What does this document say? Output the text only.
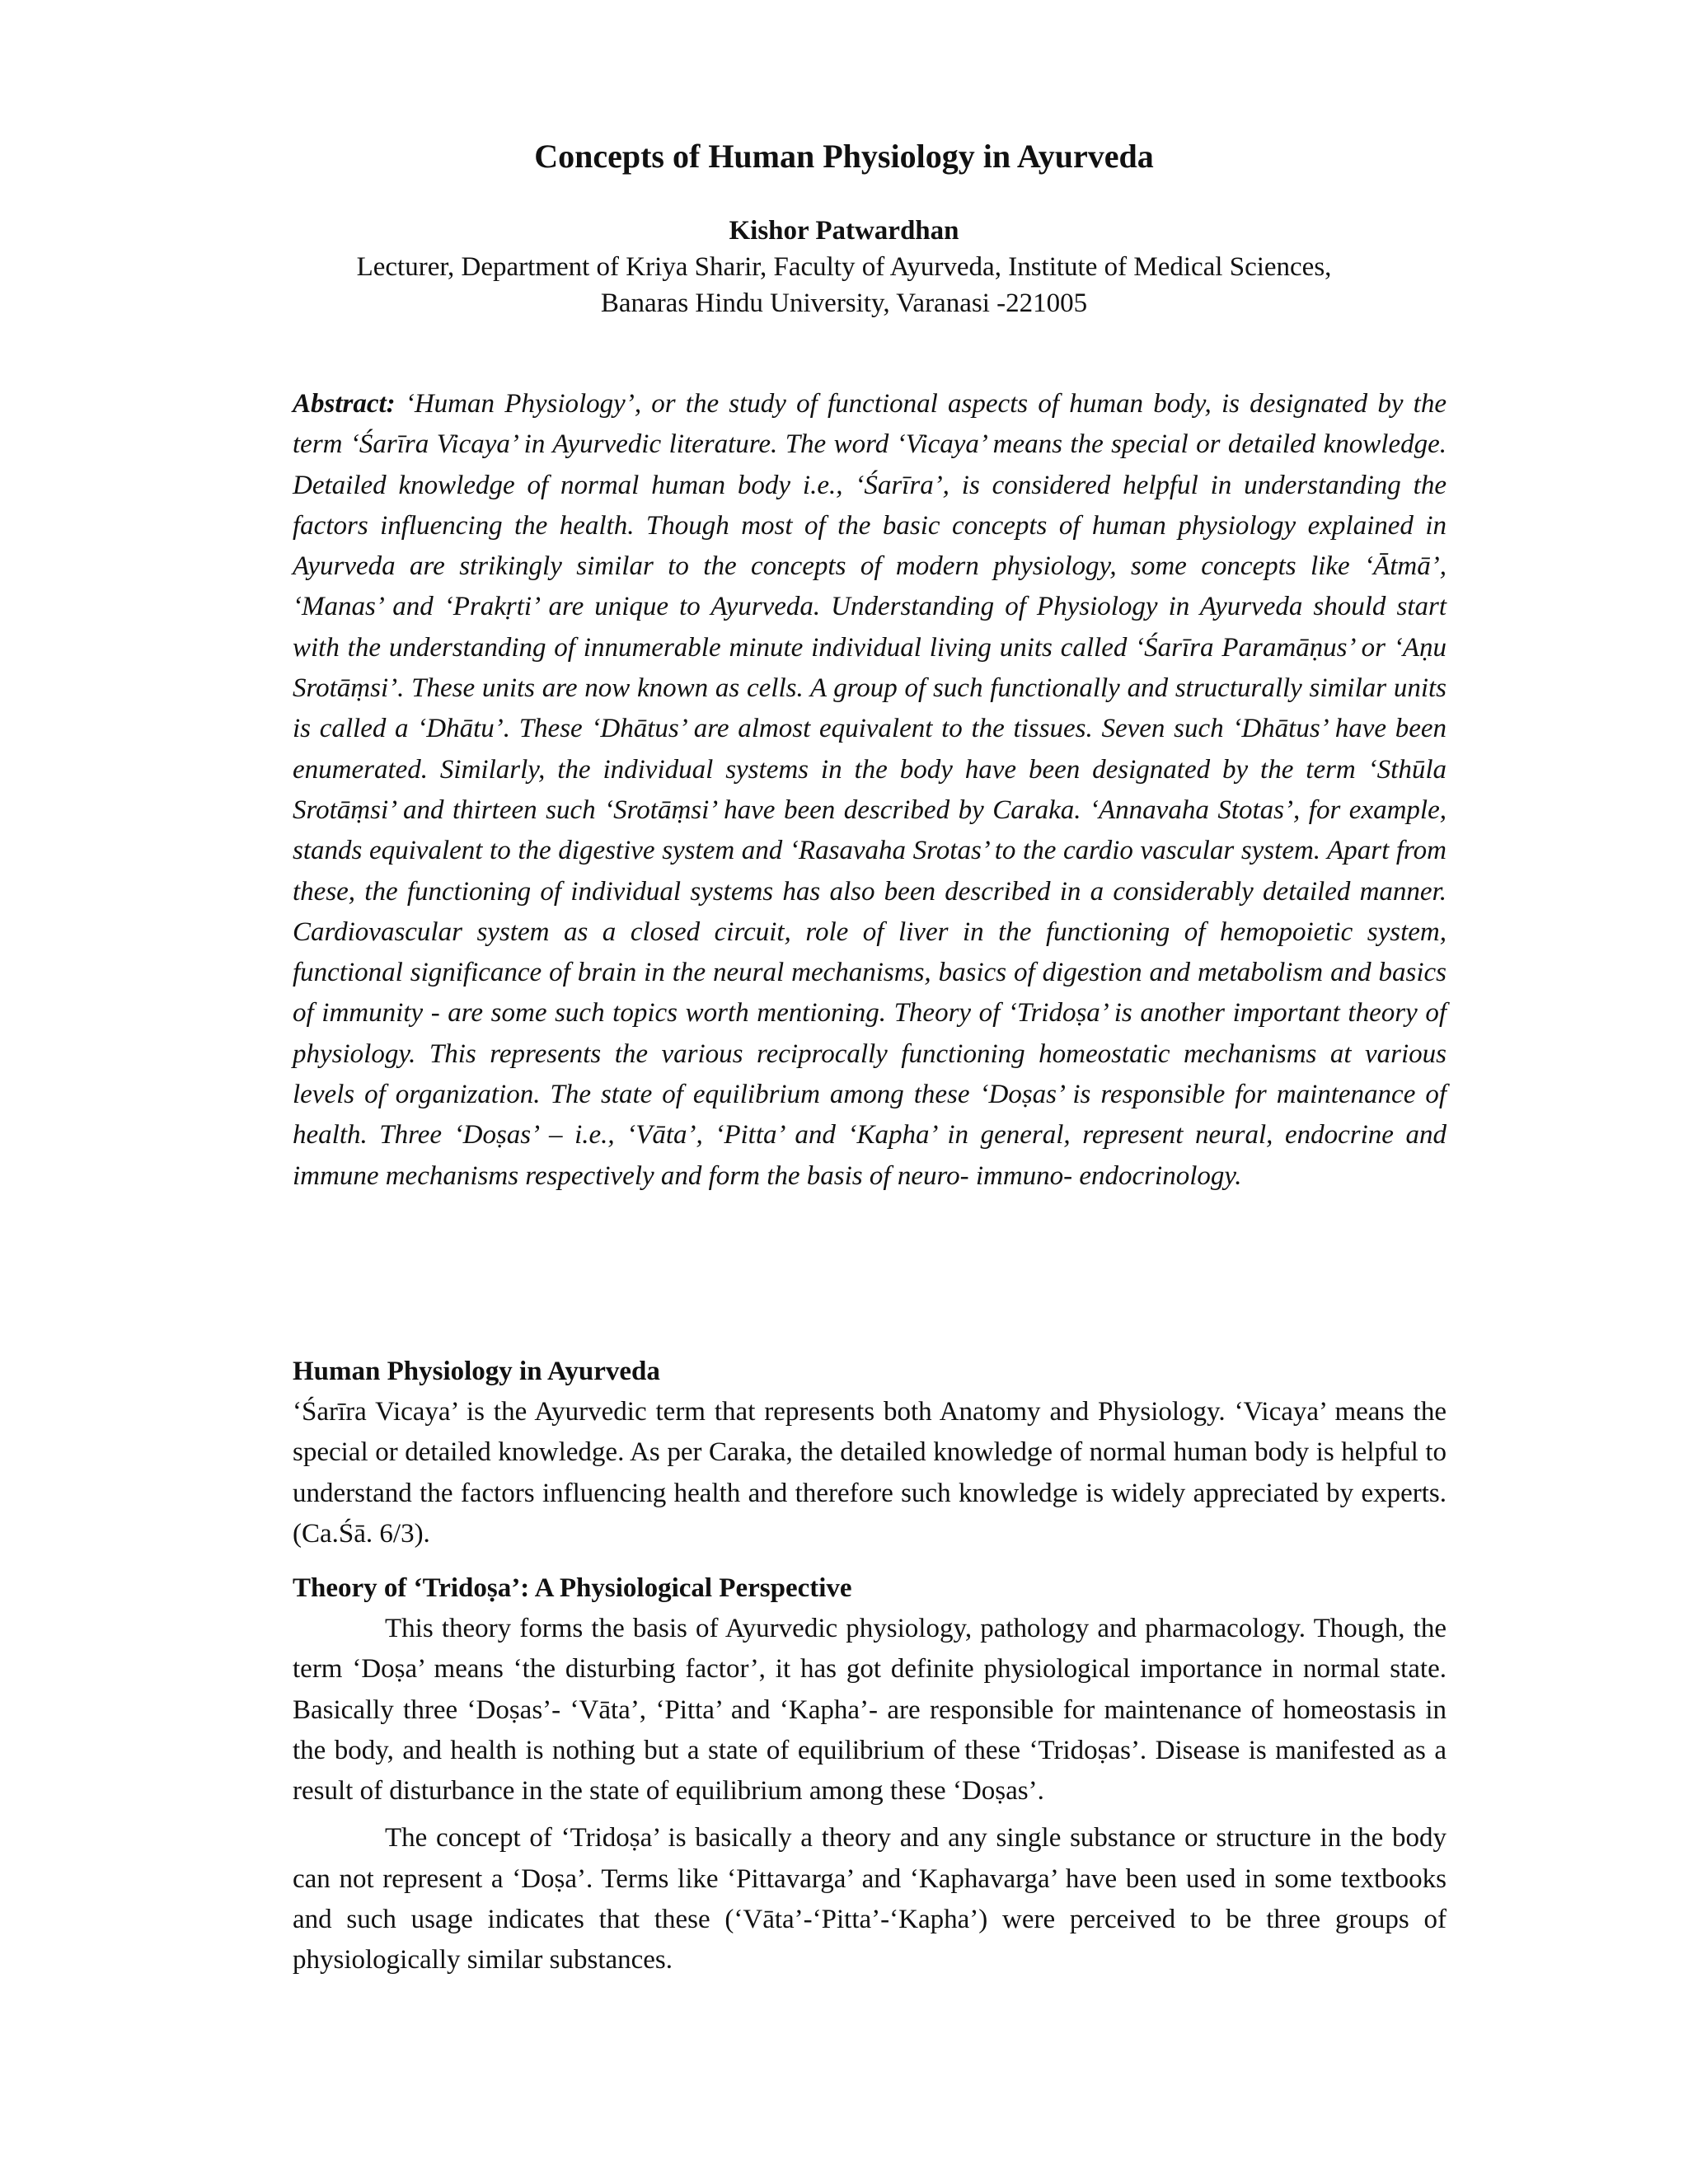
Concepts of Human Physiology in Ayurveda
Kishor Patwardhan
Lecturer, Department of Kriya Sharir, Faculty of Ayurveda, Institute of Medical Sciences,
Banaras Hindu University, Varanasi -221005

Abstract: ‘Human Physiology’, or the study of functional aspects of human body, is designated by the term ‘Śarīra Vicaya’ in Ayurvedic literature. The word ‘Vicaya’ means the special or detailed knowledge. Detailed knowledge of normal human body i.e., ‘Śarīra’, is considered helpful in understanding the factors influencing the health. Though most of the basic concepts of human physiology explained in Ayurveda are strikingly similar to the concepts of modern physiology, some concepts like ‘Ātmā’, ‘Manas’ and ‘Prakṛti’ are unique to Ayurveda. Understanding of Physiology in Ayurveda should start with the understanding of innumerable minute individual living units called ‘Śarīra Paramāṇus’ or ‘Aṇu Srotāṃsi’. These units are now known as cells. A group of such functionally and structurally similar units is called a ‘Dhātu’. These ‘Dhātus’ are almost equivalent to the tissues. Seven such ‘Dhātus’ have been enumerated. Similarly, the individual systems in the body have been designated by the term ‘Sthūla Srotāṃsi’ and thirteen such ‘Srotāṃsi’ have been described by Caraka. ‘Annavaha Stotas’, for example, stands equivalent to the digestive system and ‘Rasavaha Srotas’ to the cardio vascular system. Apart from these, the functioning of individual systems has also been described in a considerably detailed manner. Cardiovascular system as a closed circuit, role of liver in the functioning of hemopoietic system, functional significance of brain in the neural mechanisms, basics of digestion and metabolism and basics of immunity - are some such topics worth mentioning. Theory of ‘Tridoṣa’ is another important theory of physiology. This represents the various reciprocally functioning homeostatic mechanisms at various levels of organization. The state of equilibrium among these ‘Doṣas’ is responsible for maintenance of health. Three ‘Doṣas’ – i.e., ‘Vāta’, ‘Pitta’ and ‘Kapha’ in general, represent neural, endocrine and immune mechanisms respectively and form the basis of neuro- immuno- endocrinology.

Human Physiology in Ayurveda

‘Śarīra Vicaya’ is the Ayurvedic term that represents both Anatomy and Physiology. ‘Vicaya’ means the special or detailed knowledge. As per Caraka, the detailed knowledge of normal human body is helpful to understand the factors influencing health and therefore such knowledge is widely appreciated by experts. (Ca.Śā. 6/3).

Theory of ‘Tridoṣa’: A Physiological Perspective

This theory forms the basis of Ayurvedic physiology, pathology and pharmacology. Though, the term ‘Doṣa’ means ‘the disturbing factor’, it has got definite physiological importance in normal state. Basically three ‘Doṣas’- ‘Vāta’, ‘Pitta’ and ‘Kapha’- are responsible for maintenance of homeostasis in the body, and health is nothing but a state of equilibrium of these ‘Tridoṣas’. Disease is manifested as a result of disturbance in the state of equilibrium among these ‘Doṣas’.

The concept of ‘Tridoṣa’ is basically a theory and any single substance or structure in the body can not represent a ‘Doṣa’. Terms like ‘Pittavarga’ and ‘Kaphavarga’ have been used in some textbooks and such usage indicates that these (‘Vāta’-‘Pitta’-‘Kapha’) were perceived to be three groups of physiologically similar substances.
